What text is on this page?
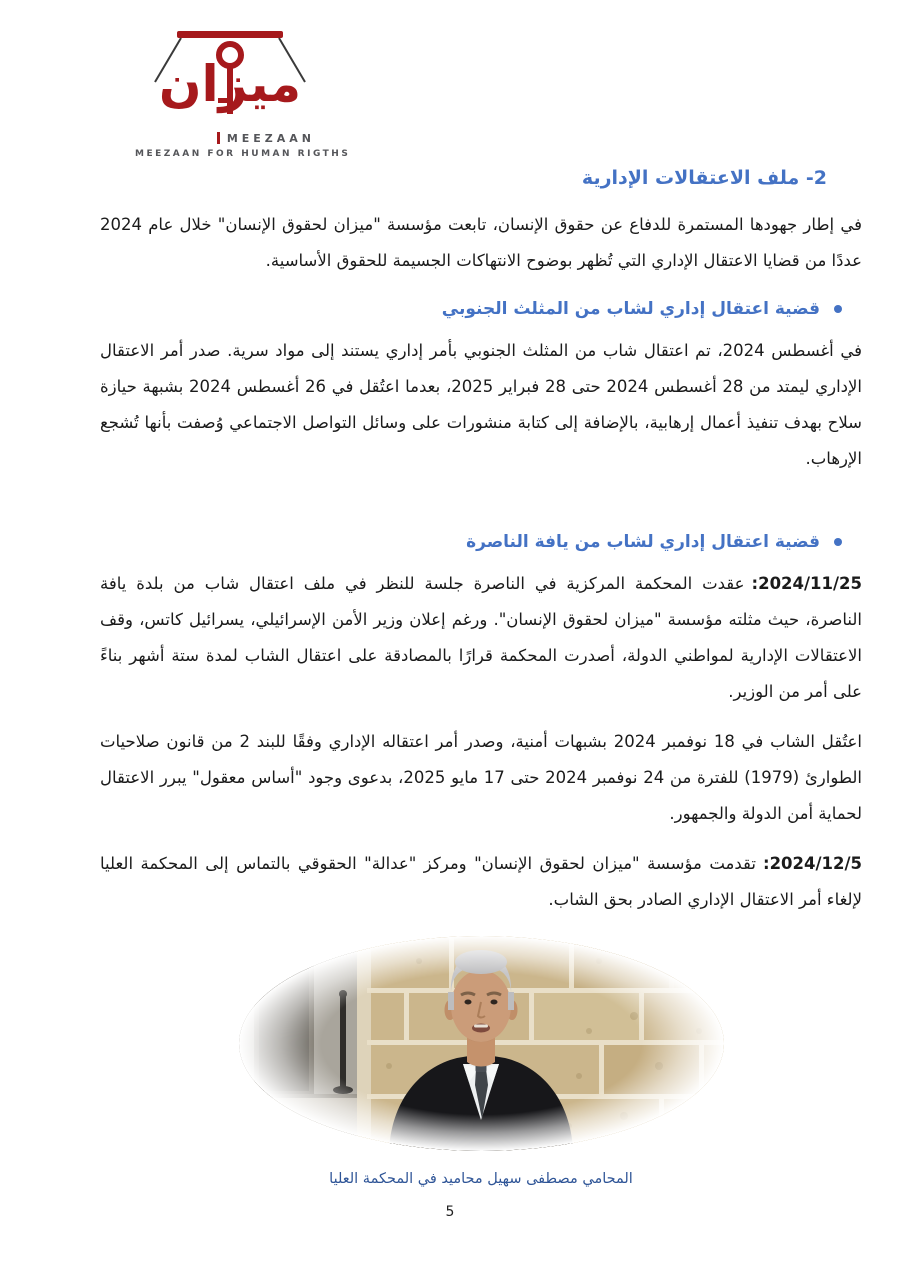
ميزان
MEEZAAN
MEEZAAN FOR HUMAN RIGTHS
2- ملف الاعتقالات الإدارية

في إطار جهودها المستمرة للدفاع عن حقوق الإنسان، تابعت مؤسسة "ميزان لحقوق الإنسان" خلال عام 2024 عددًا من قضايا الاعتقال الإداري التي تُظهر بوضوح الانتهاكات الجسيمة للحقوق الأساسية.

قضية اعتقال إداري لشاب من المثلث الجنوبي

في أغسطس 2024، تم اعتقال شاب من المثلث الجنوبي بأمر إداري يستند إلى مواد سرية. صدر أمر الاعتقال الإداري ليمتد من 28 أغسطس 2024 حتى 28 فبراير 2025، بعدما اعتُقل في 26 أغسطس 2024 بشبهة حيازة سلاح بهدف تنفيذ أعمال إرهابية، بالإضافة إلى كتابة منشورات على وسائل التواصل الاجتماعي وُصفت بأنها تُشجع الإرهاب.

قضية اعتقال إداري لشاب من يافة الناصرة

2024/11/25:عقدت المحكمة المركزية في الناصرة جلسة للنظر في ملف اعتقال شاب من بلدة يافة الناصرة، حيث مثلته مؤسسة "ميزان لحقوق الإنسان". ورغم إعلان وزير الأمن الإسرائيلي، يسرائيل كاتس، وقف الاعتقالات الإدارية لمواطني الدولة، أصدرت المحكمة قرارًا بالمصادقة على اعتقال الشاب لمدة ستة أشهر بناءً على أمر من الوزير.

اعتُقل الشاب في 18 نوفمبر 2024 بشبهات أمنية، وصدر أمر اعتقاله الإداري وفقًا للبند 2 من قانون صلاحيات الطوارئ (1979) للفترة من 24 نوفمبر 2024 حتى 17 مايو 2025، بدعوى وجود "أساس معقول" يبرر الاعتقال لحماية أمن الدولة والجمهور.

2024/12/5:تقدمت مؤسسة "ميزان لحقوق الإنسان" ومركز "عدالة" الحقوقي بالتماس إلى المحكمة العليا لإلغاء أمر الاعتقال الإداري الصادر بحق الشاب.

المحامي مصطفى سهيل محاميد في المحكمة العليا
5
